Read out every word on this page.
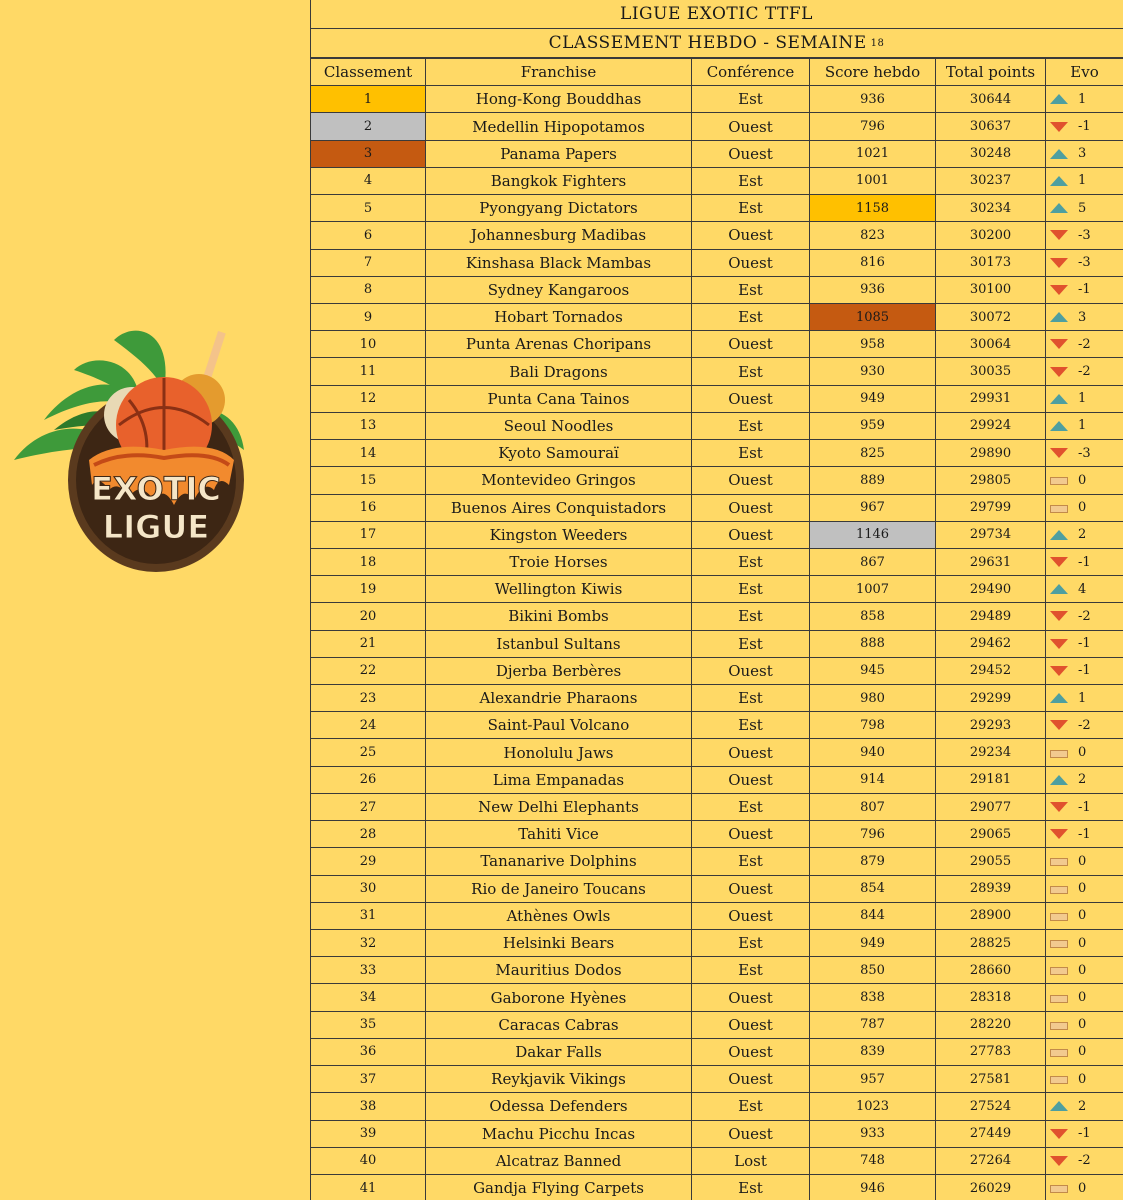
EXOTIC
LIGUE
LIGUE EXOTIC TTFL
CLASSEMENT HEBDO - SEMAINE $^{18}$
Classement	Franchise	Conférence	Score hebdo	Total points	Evo
1	Hong-Kong Bouddhas	Est	936	30644	1

2	Medellin Hipopotamos	Ouest	796	30637	-1

3	Panama Papers	Ouest	1021	30248	3

4	Bangkok Fighters	Est	1001	30237	1

5	Pyongyang Dictators	Est	1158	30234	5

6	Johannesburg Madibas	Ouest	823	30200	-3

7	Kinshasa Black Mambas	Ouest	816	30173	-3

8	Sydney Kangaroos	Est	936	30100	-1

9	Hobart Tornados	Est	1085	30072	3

10	Punta Arenas Choripans	Ouest	958	30064	-2

11	Bali Dragons	Est	930	30035	-2

12	Punta Cana Tainos	Ouest	949	29931	1

13	Seoul Noodles	Est	959	29924	1

14	Kyoto Samouraï	Est	825	29890	-3

15	Montevideo Gringos	Ouest	889	29805	0

16	Buenos Aires Conquistadors	Ouest	967	29799	0

17	Kingston Weeders	Ouest	1146	29734	2

18	Troie Horses	Est	867	29631	-1

19	Wellington Kiwis	Est	1007	29490	4

20	Bikini Bombs	Est	858	29489	-2

21	Istanbul Sultans	Est	888	29462	-1

22	Djerba Berbères	Ouest	945	29452	-1

23	Alexandrie Pharaons	Est	980	29299	1

24	Saint-Paul Volcano	Est	798	29293	-2

25	Honolulu Jaws	Ouest	940	29234	0

26	Lima Empanadas	Ouest	914	29181	2

27	New Delhi Elephants	Est	807	29077	-1

28	Tahiti Vice	Ouest	796	29065	-1

29	Tananarive Dolphins	Est	879	29055	0

30	Rio de Janeiro Toucans	Ouest	854	28939	0

31	Athènes Owls	Ouest	844	28900	0

32	Helsinki Bears	Est	949	28825	0

33	Mauritius Dodos	Est	850	28660	0

34	Gaborone Hyènes	Ouest	838	28318	0

35	Caracas Cabras	Ouest	787	28220	0

36	Dakar Falls	Ouest	839	27783	0

37	Reykjavik Vikings	Ouest	957	27581	0

38	Odessa Defenders	Est	1023	27524	2

39	Machu Picchu Incas	Ouest	933	27449	-1

40	Alcatraz Banned	Lost	748	27264	-2

41	Gandja Flying Carpets	Est	946	26029	0
